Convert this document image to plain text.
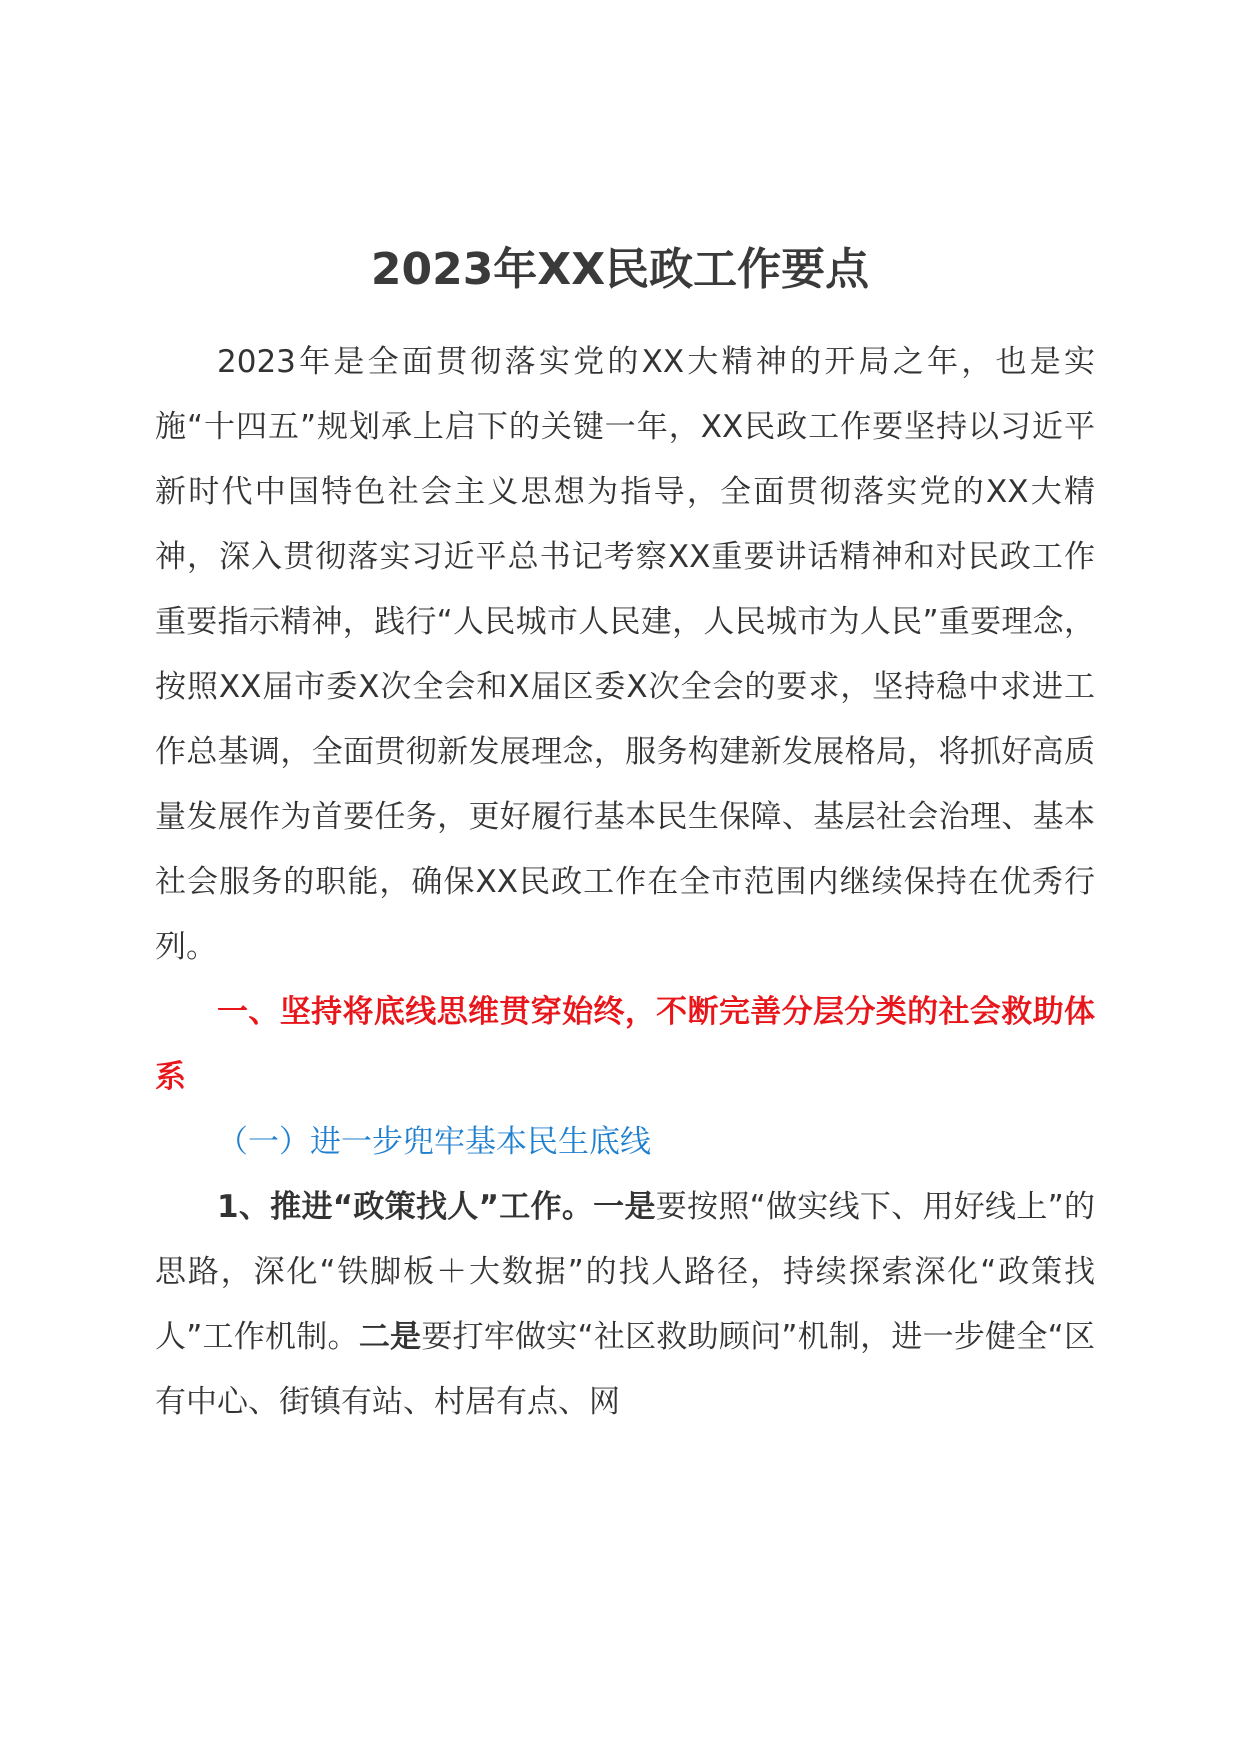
2023年XX民政工作要点

2023年是全面贯彻落实党的XX大精神的开局之年，也是实施“十四五”规划承上启下的关键一年，XX民政工作要坚持以习近平新时代中国特色社会主义思想为指导，全面贯彻落实党的XX大精神，深入贯彻落实习近平总书记考察XX重要讲话精神和对民政工作重要指示精神，践行“人民城市人民建，人民城市为人民”重要理念，按照XX届市委X次全会和X届区委X次全会的要求，坚持稳中求进工作总基调，全面贯彻新发展理念，服务构建新发展格局，将抓好高质量发展作为首要任务，更好履行基本民生保障、基层社会治理、基本社会服务的职能，确保XX民政工作在全市范围内继续保持在优秀行列。

一、坚持将底线思维贯穿始终，不断完善分层分类的社会救助体系

（一）进一步兜牢基本民生底线

1、推进“政策找人”工作。一是要按照“做实线下、用好线上”的思路，深化“铁脚板＋大数据”的找人路径，持续探索深化“政策找人”工作机制。二是要打牢做实“社区救助顾问”机制，进一步健全“区有中心、街镇有站、村居有点、网
